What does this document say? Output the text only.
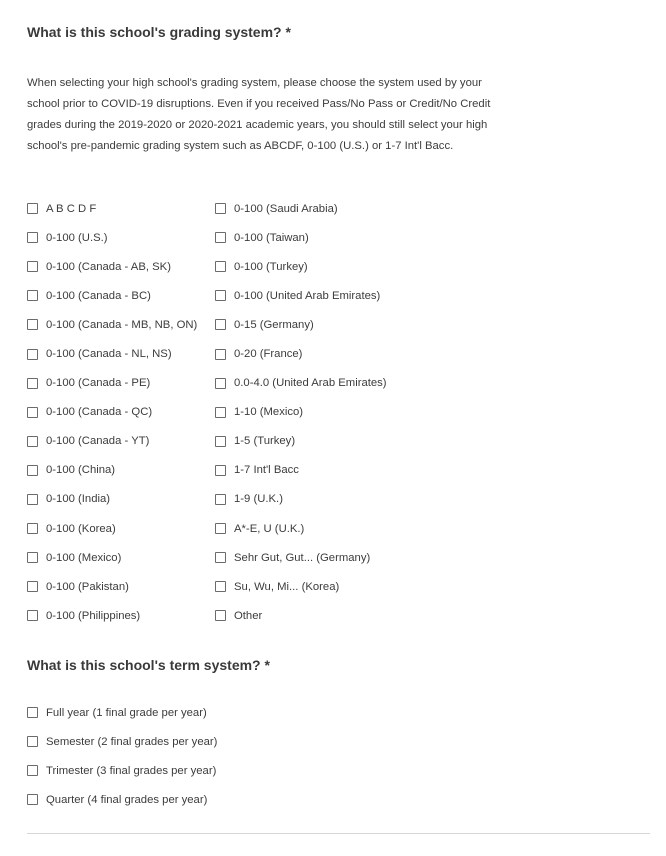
What is this school's grading system? *
When selecting your high school's grading system, please choose the system used by your school prior to COVID-19 disruptions. Even if you received Pass/No Pass or Credit/No Credit grades during the 2019-2020 or 2020-2021 academic years, you should still select your high school's pre-pandemic grading system such as ABCDF, 0-100 (U.S.) or 1-7 Int'l Bacc.
A B C D F
0-100 (U.S.)
0-100 (Canada - AB, SK)
0-100 (Canada - BC)
0-100 (Canada - MB, NB, ON)
0-100 (Canada - NL, NS)
0-100 (Canada - PE)
0-100 (Canada - QC)
0-100 (Canada - YT)
0-100 (China)
0-100 (India)
0-100 (Korea)
0-100 (Mexico)
0-100 (Pakistan)
0-100 (Philippines)
0-100 (Saudi Arabia)
0-100 (Taiwan)
0-100 (Turkey)
0-100 (United Arab Emirates)
0-15 (Germany)
0-20 (France)
0.0-4.0 (United Arab Emirates)
1-10 (Mexico)
1-5 (Turkey)
1-7 Int'l Bacc
1-9 (U.K.)
A*-E, U (U.K.)
Sehr Gut, Gut... (Germany)
Su, Wu, Mi... (Korea)
Other
What is this school's term system? *
Full year (1 final grade per year)
Semester (2 final grades per year)
Trimester (3 final grades per year)
Quarter (4 final grades per year)
